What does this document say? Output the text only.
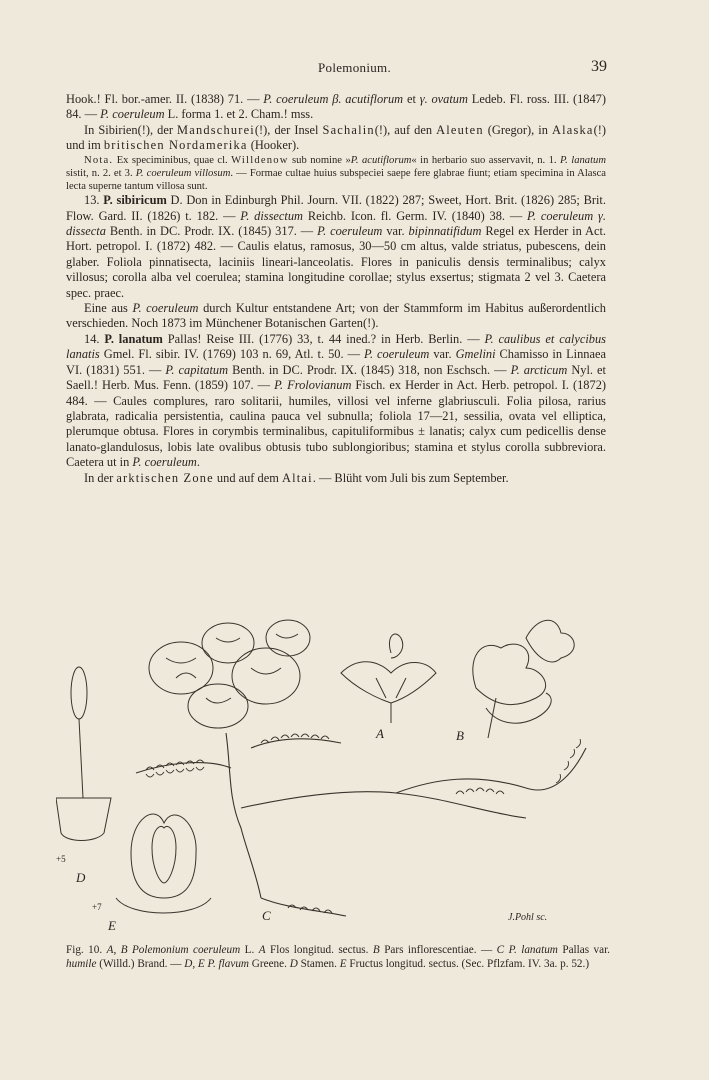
Polemonium.	39

Hook.! Fl. bor.-amer. II. (1838) 71. — P. coeruleum β. acutiflorum et γ. ovatum Ledeb. Fl. ross. III. (1847) 84. — P. coeruleum L. forma 1. et 2. Cham.! mss.

In Sibirien(!), der Mandschurei(!), der Insel Sachalin(!), auf den Aleuten (Gregor), in Alaska(!) und im britischen Nordamerika (Hooker).

Nota. Ex speciminibus, quae cl. Willdenow sub nomine »P. acutiflorum« in herbario suo asservavit, n. 1. P. lanatum sistit, n. 2. et 3. P. coeruleum villosum. — Formae cultae huius subspeciei saepe fere glabrae fiunt; etiam specimina in Alasca lecta superne tantum villosa sunt.

13. P. sibiricum D. Don in Edinburgh Phil. Journ. VII. (1822) 287; Sweet, Hort. Brit. (1826) 285; Brit. Flow. Gard. II. (1826) t. 182. — P. dissectum Reichb. Icon. fl. Germ. IV. (1840) 38. — P. coeruleum γ. dissecta Benth. in DC. Prodr. IX. (1845) 317. — P. coeruleum var. bipinnatifidum Regel ex Herder in Act. Hort. petropol. I. (1872) 482. — Caulis elatus, ramosus, 30—50 cm altus, valde striatus, pubescens, dein glaber. Foliola pinnatisecta, laciniis lineari-lanceolatis. Flores in paniculis densis terminalibus; calyx villosus; corolla alba vel coerulea; stamina longitudine corollae; stylus exsertus; stigmata 2 vel 3. Caetera spec. praec.

Eine aus P. coeruleum durch Kultur entstandene Art; von der Stammform im Habitus außerordentlich verschieden. Noch 1873 im Münchener Botanischen Garten(!).

14. P. lanatum Pallas! Reise III. (1776) 33, t. 44 ined.? in Herb. Berlin. — P. caulibus et calycibus lanatis Gmel. Fl. sibir. IV. (1769) 103 n. 69, Atl. t. 50. — P. coeruleum var. Gmelini Chamisso in Linnaea VI. (1831) 551. — P. capitatum Benth. in DC. Prodr. IX. (1845) 318, non Eschsch. — P. arcticum Nyl. et Saell.! Herb. Mus. Fenn. (1859) 107. — P. Frolovianum Fisch. ex Herder in Act. Herb. petropol. I. (1872) 484. — Caules complures, raro solitarii, humiles, villosi vel inferne glabriusculi. Folia pilosa, rarius glabrata, radicalia persistentia, caulina pauca vel subnulla; foliola 17—21, sessilia, ovata vel elliptica, plerumque obtusa. Flores in corymbis terminalibus, capituliformibus ± lanatis; calyx cum pedicellis dense lanato-glandulosus, lobis late ovalibus obtusis tubo sublongioribus; stamina et stylus corolla subbreviora. Caetera ut in P. coeruleum.

In der arktischen Zone und auf dem Altai. — Blüht vom Juli bis zum September.

A	B
C
D
E
+5
+7
J.Pohl sc.
Fig. 10. A, B Polemonium coeruleum L. A Flos longitud. sectus. B Pars inflorescentiae. — C P. lanatum Pallas var. humile (Willd.) Brand. — D, E P. flavum Greene. D Stamen. E Fructus longitud. sectus. (Sec. Pflzfam. IV. 3a. p. 52.)
